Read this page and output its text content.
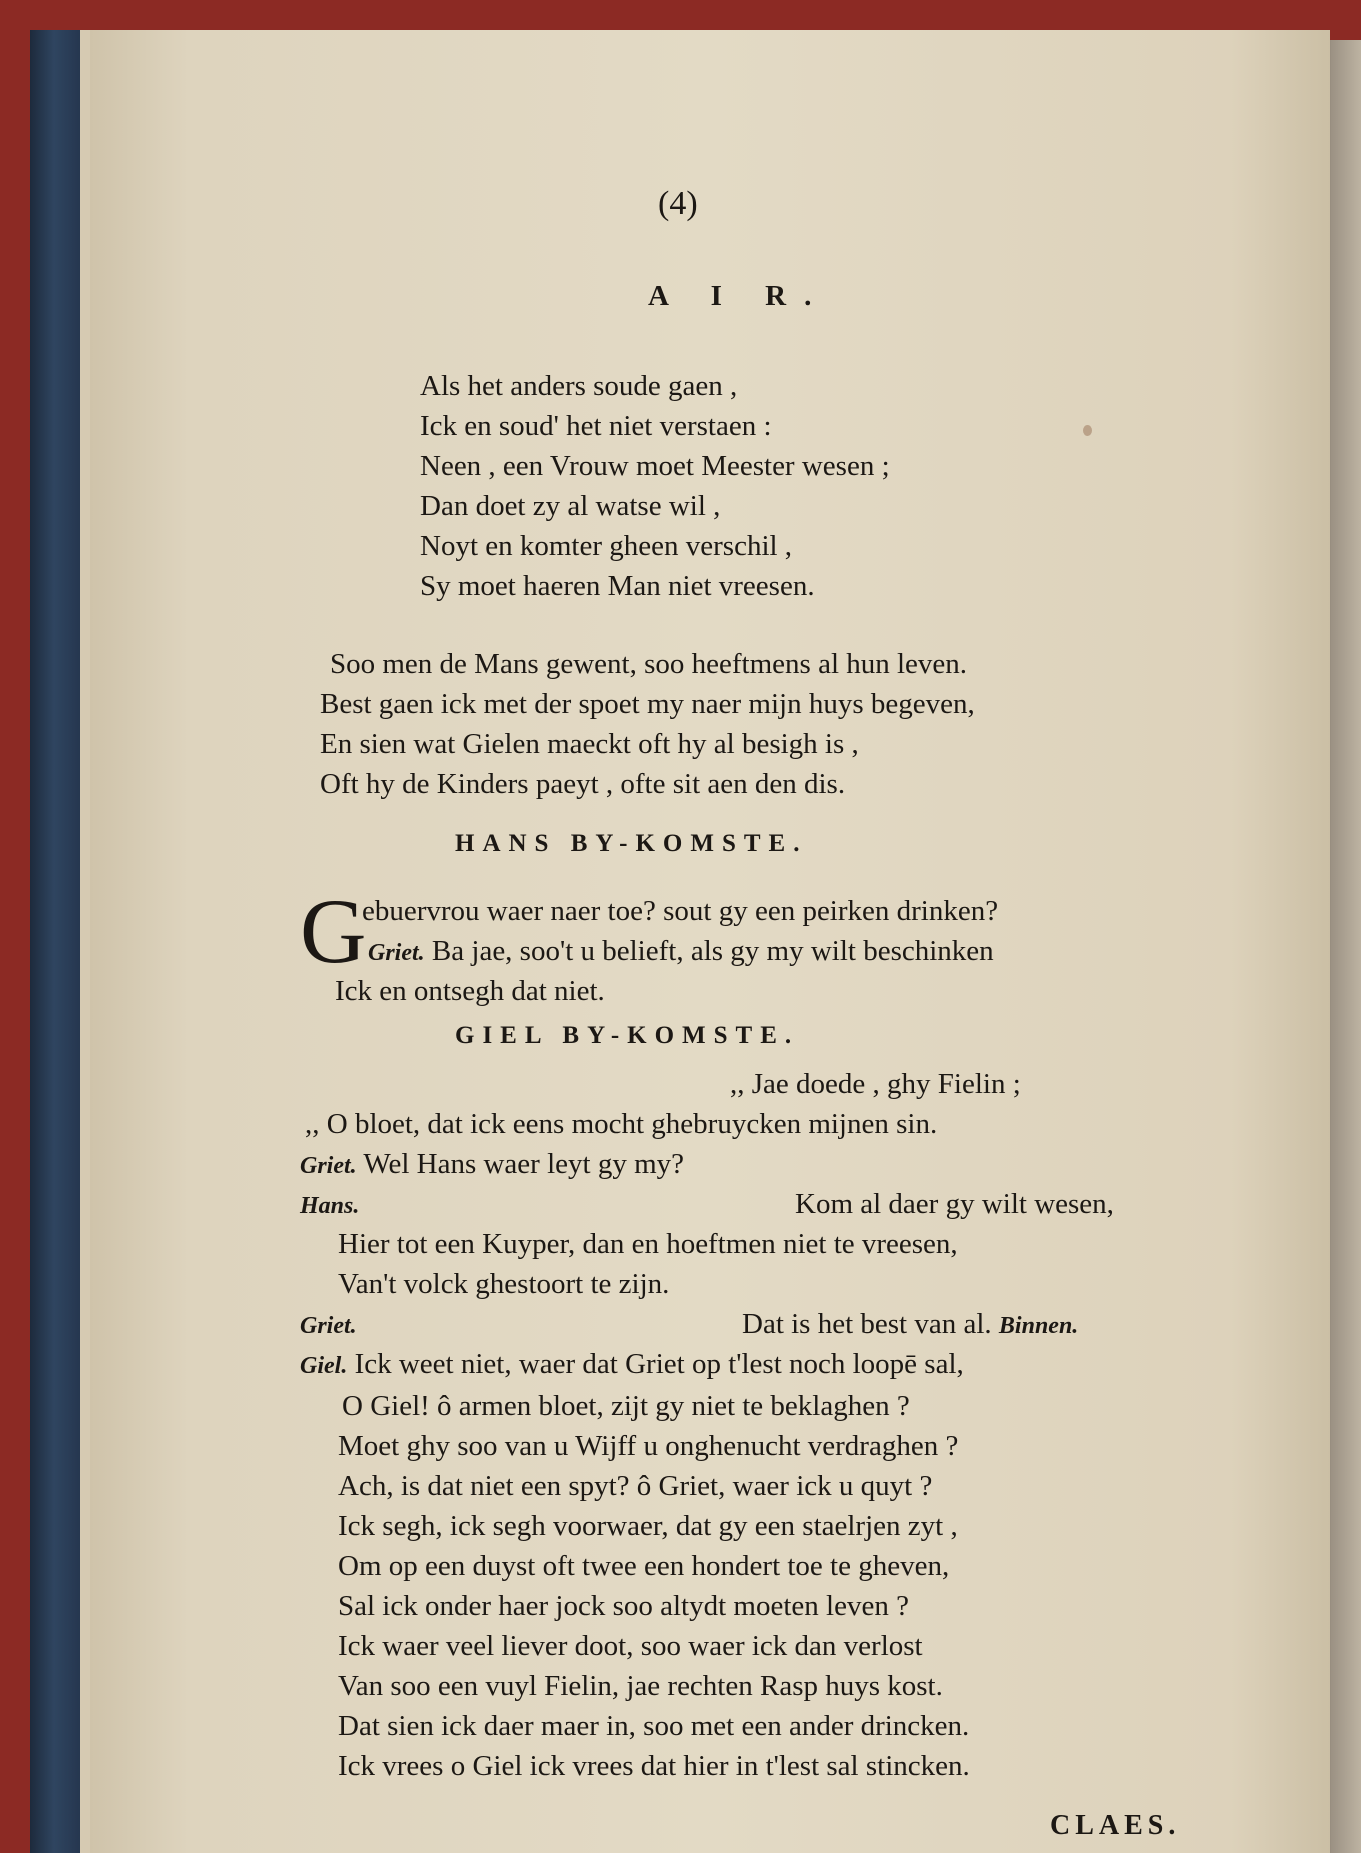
(4)
A I R.
Als het anders soude gaen ,
Ick en soud' het niet verstaen :
Neen , een Vrouw moet Meester wesen ;
Dan doet zy al watse wil ,
Noyt en komter gheen verschil ,
Sy moet haeren Man niet vreesen.
Soo men de Mans gewent, soo heeftmens al hun leven.
Best gaen ick met der spoet my naer mijn huys begeven,
En sien wat Gielen maeckt oft hy al besigh is ,
Oft hy de Kinders paeyt , ofte sit aen den dis.
HANS BY-KOMSTE.
G
ebuervrou waer naer toe? sout gy een peirken drinken?
Griet. Ba jae, soo't u belieft, als gy my wilt beschinken
Ick en ontsegh dat niet.
GIEL BY-KOMSTE.
,, Jae doede , ghy Fielin ;
,, O bloet, dat ick eens mocht ghebruycken mijnen sin.
Griet. Wel Hans waer leyt gy my?
Hans.	Kom al daer gy wilt wesen,
Hier tot een Kuyper, dan en hoeftmen niet te vreesen,
Van't volck ghestoort te zijn.
Griet.	Dat is het best van al. Binnen.
Giel. Ick weet niet, waer dat Griet op t'lest noch loopē sal,
O Giel! ô armen bloet, zijt gy niet te beklaghen ?
Moet ghy soo van u Wijff u onghenucht verdraghen ?
Ach, is dat niet een spyt? ô Griet, waer ick u quyt ?
Ick segh, ick segh voorwaer, dat gy een staelrjen zyt ,
Om op een duyst oft twee een hondert toe te gheven,
Sal ick onder haer jock soo altydt moeten leven ?
Ick waer veel liever doot, soo waer ick dan verlost
Van soo een vuyl Fielin, jae rechten Rasp huys kost.
Dat sien ick daer maer in, soo met een ander drincken.
Ick vrees o Giel ick vrees dat hier in t'lest sal stincken.
CLAES.
